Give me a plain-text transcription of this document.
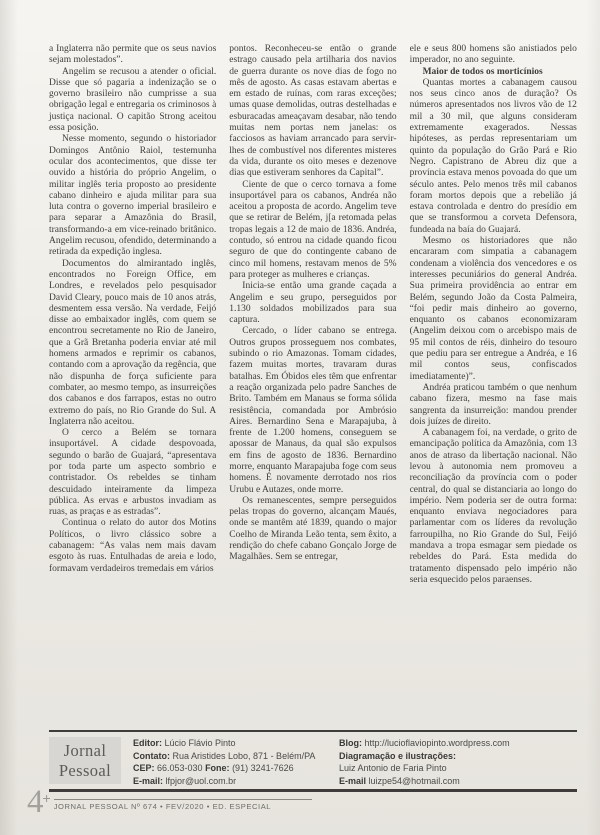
a Inglaterra não permite que os seus navios sejam molestados”.

Angelim se recusou a atender o oficial. Disse que só pagaria a indenização se o governo brasileiro não cumprisse a sua obrigação legal e entregaria os criminosos à justiça nacional. O capitão Strong aceitou essa posição.

Nesse momento, segundo o historiador Domingos Antônio Raiol, testemunha ocular dos acontecimentos, que disse ter ouvido a história do próprio Angelim, o militar inglês teria proposto ao presidente cabano dinheiro e ajuda militar para sua luta contra o governo imperial brasileiro e para separar a Amazônia do Brasil, transformando-a em vice-reinado britânico. Angelim recusou, ofendido, determinando a retirada da expedição inglesa.

Documentos do almirantado inglês, encontrados no Foreign Office, em Londres, e revelados pelo pesquisador David Cleary, pouco mais de 10 anos atrás, desmentem essa versão. Na verdade, Feijó disse ao embaixador inglês, com quem se encontrou secretamente no Rio de Janeiro, que a Grã Bretanha poderia enviar até mil homens armados e reprimir os cabanos, contando com a aprovação da regência, que não dispunha de força suficiente para combater, ao mesmo tempo, as insurreições dos cabanos e dos farrapos, estas no outro extremo do país, no Rio Grande do Sul. A Inglaterra não aceitou.

O cerco a Belém se tornara insuportável. A cidade despovoada, segundo o barão de Guajará, “apresentava por toda parte um aspecto sombrio e contristador. Os rebeldes se tinham descuidado inteiramente da limpeza pública. As ervas e arbustos invadiam as ruas, as praças e as estradas”.

Continua o relato do autor dos Motins Políticos, o livro clássico sobre a cabanagem: “As valas nem mais davam esgoto às ruas. Entulhadas de areia e lodo, formavam verdadeiros tremedais em vários

pontos. Reconheceu-se então o grande estrago causado pela artilharia dos navios de guerra durante os nove dias de fogo no mês de agosto. As casas estavam abertas e em estado de ruínas, com raras exceções; umas quase demolidas, outras destelhadas e esburacadas ameaçavam desabar, não tendo muitas nem portas nem janelas: os facciosos as haviam arrancado para servir-lhes de combustível nos diferentes misteres da vida, durante os oito meses e dezenove dias que estiveram senhores da Capital”.

Ciente de que o cerco tornava a fome insuportável para os cabanos, Andréa não aceitou a proposta de acordo. Angelim teve que se retirar de Belém, j[a retomada pelas tropas legais a 12 de maio de 1836. Andréa, contudo, só entrou na cidade quando ficou seguro de que do contingente cabano de cinco mil homens, restavam menos de 5% para proteger as mulheres e crianças.

Inicia-se então uma grande caçada a Angelim e seu grupo, perseguidos por 1.130 soldados mobilizados para sua captura.

Cercado, o líder cabano se entrega. Outros grupos prosseguem nos combates, subindo o rio Amazonas. Tomam cidades, fazem muitas mortes, travaram duras batalhas. Em Óbidos eles têm que enfrentar a reação organizada pelo padre Sanches de Brito. Também em Manaus se forma sólida resistência, comandada por Ambrósio Aires. Bernardino Sena e Marapajuba, à frente de 1.200 homens, conseguem se apossar de Manaus, da qual são expulsos em fins de agosto de 1836. Bernardino morre, enquanto Marapajuba foge com seus homens. É novamente derrotado nos rios Urubu e Autazes, onde morre.

Os remanescentes, sempre perseguidos pelas tropas do governo, alcançam Maués, onde se mantêm até 1839, quando o major Coelho de Miranda Leão tenta, sem êxito, a rendição do chefe cabano Gonçalo Jorge de Magalhães. Sem se entregar,

ele e seus 800 homens são anistiados pelo imperador, no ano seguinte.

Maior de todos os morticínios

Quantas mortes a cabanagem causou nos seus cinco anos de duração? Os números apresentados nos livros vão de 12 mil a 30 mil, que alguns consideram extremamente exagerados. Nessas hipóteses, as perdas representariam um quinto da população do Grão Pará e Rio Negro. Capistrano de Abreu diz que a província estava menos povoada do que um século antes. Pelo menos três mil cabanos foram mortos depois que a rebelião já estava controlada e dentro do presídio em que se transformou a corveta Defensora, fundeada na baía do Guajará.

Mesmo os historiadores que não encararam com simpatia a cabanagem condenam a violência dos vencedores e os interesses pecuniários do general Andréa. Sua primeira providência ao entrar em Belém, segundo João da Costa Palmeira, “foi pedir mais dinheiro ao governo, enquanto os cabanos economizaram (Angelim deixou com o arcebispo mais de 95 mil contos de réis, dinheiro do tesouro que pediu para ser entregue a Andréa, e 16 mil contos seus, confiscados imediatamente)”.

Andréa praticou também o que nenhum cabano fizera, mesmo na fase mais sangrenta da insurreição: mandou prender dois juízes de direito.

A cabanagem foi, na verdade, o grito de emancipação política da Amazônia, com 13 anos de atraso da libertação nacional. Não levou à autonomia nem promoveu a reconciliação da província com o poder central, do qual se distanciaria ao longo do império. Nem poderia ser de outra forma: enquanto enviava negociadores para parlamentar com os líderes da revolução farroupilha, no Rio Grande do Sul, Feijó mandava a tropa esmagar sem piedade os rebeldes do Pará. Esta medida do tratamento dispensado pelo império não seria esquecido pelos paraenses.

Jornal
Pessoal
Editor: Lúcio Flávio Pinto
Contato: Rua Aristides Lobo, 871 - Belém/PA
CEP: 66.053-030 Fone: (91) 3241-7626
E-mail: lfpjor@uol.com.br
Blog: http://lucioflaviopinto.wordpress.com
Diagramação e ilustrações:
Luiz Antonio de Faria Pinto
E-mail luizpe54@hotmail.com
4+
JORNAL PESSOAL Nº 674 • FEV/2020 • ED. ESPECIAL
